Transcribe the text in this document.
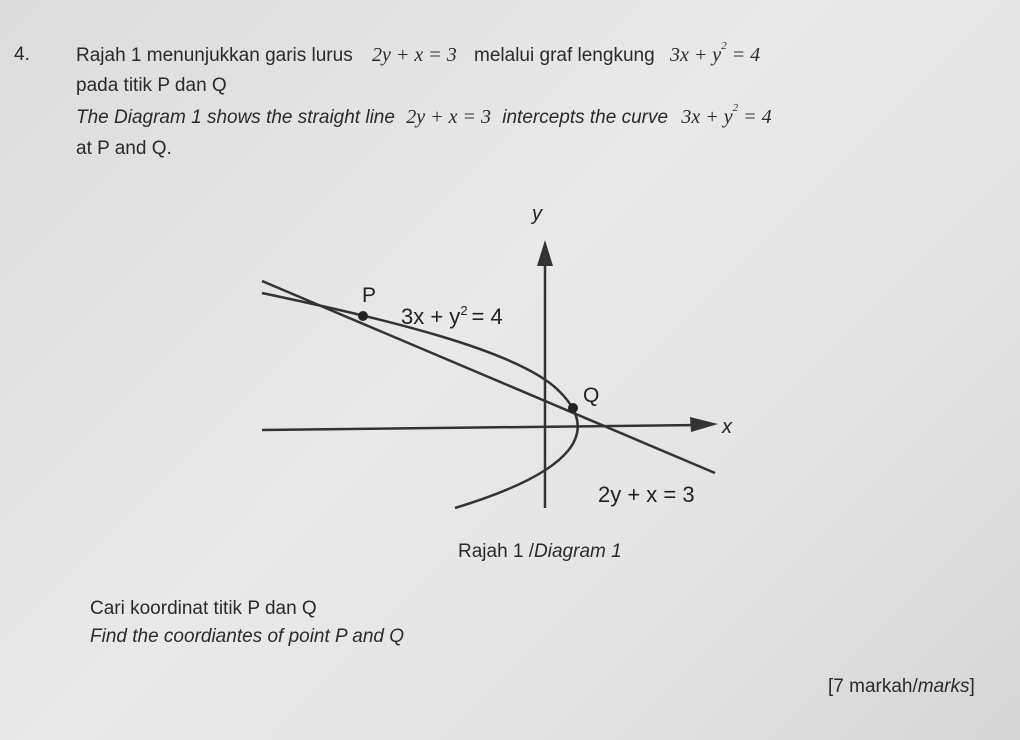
4. Rajah 1 menunjukkan garis lurus 2y + x = 3 melalui graf lengkung $3x + y^2 = 4$
pada titik P dan Q
The Diagram 1 shows the straight line 2y + x = 3 intercepts the curve $3x + y^2 = 4$
at P and Q.
y
x
P
Q
$3x + y^2 = 4$
2y + x = 3
Rajah 1 /Diagram 1
Cari koordinat titik P dan Q
Find the coordiantes of point P and Q
[7 markah/marks]
